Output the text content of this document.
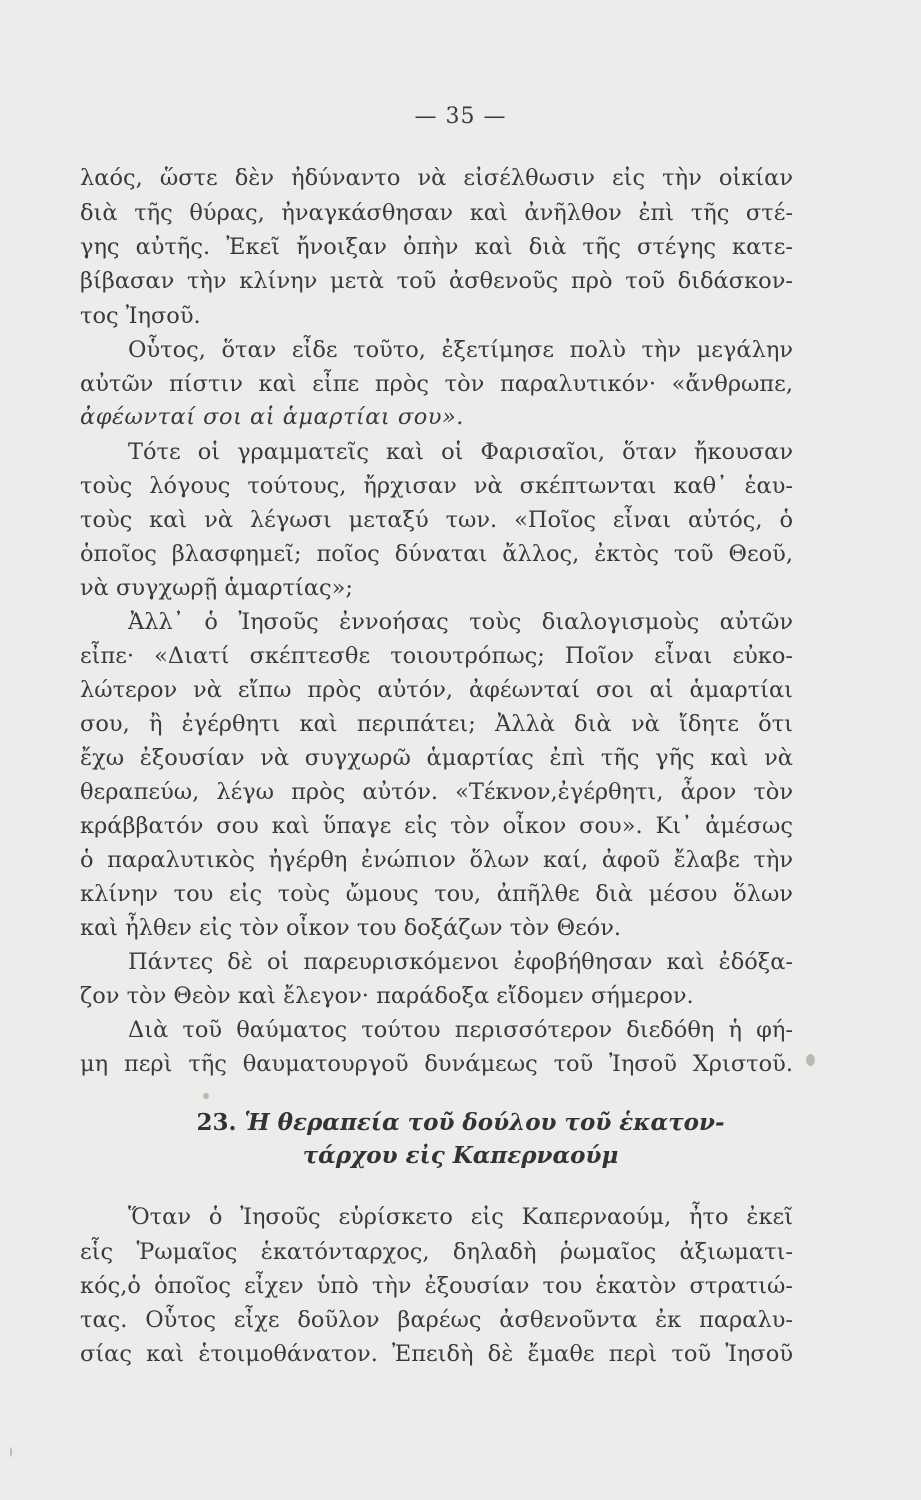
— 35 —
λαός, ὥστε δὲν ἠδύναντο νὰ εἰσέλθωσιν εἰς τὴν οἰκίαν
διὰ τῆς θύρας, ἠναγκάσθησαν καὶ ἀνῆλθον ἐπὶ τῆς στέ-
γης αὐτῆς. Ἐκεῖ ἤνοιξαν ὀπὴν καὶ διὰ τῆς στέγης κατε-
βίβασαν τὴν κλίνην μετὰ τοῦ ἀσθενοῦς πρὸ τοῦ διδάσκον-
τος Ἰησοῦ.
Οὗτος, ὅταν εἶδε τοῦτο, ἐξετίμησε πολὺ τὴν μεγάλην
αὐτῶν πίστιν καὶ εἶπε πρὸς τὸν παραλυτικόν· «ἄνθρωπε,
ἀφέωνταί σοι αἱ ἁμαρτίαι σου».
Τότε οἱ γραμματεῖς καὶ οἱ Φαρισαῖοι, ὅταν ἤκουσαν
τοὺς λόγους τούτους, ἤρχισαν νὰ σκέπτωνται καθ᾽ ἑαυ-
τοὺς καὶ νὰ λέγωσι μεταξύ των. «Ποῖος εἶναι αὐτός, ὁ
ὁποῖος βλασφημεῖ; ποῖος δύναται ἄλλος, ἐκτὸς τοῦ Θεοῦ,
νὰ συγχωρῇ ἁμαρτίας»;
Ἀλλ᾽ ὁ Ἰησοῦς ἐννοήσας τοὺς διαλογισμοὺς αὐτῶν
εἶπε· «Διατί σκέπτεσθε τοιουτρόπως; Ποῖον εἶναι εὐκο-
λώτερον νὰ εἴπω πρὸς αὐτόν, ἀφέωνταί σοι αἱ ἁμαρτίαι
σου, ἢ ἐγέρθητι καὶ περιπάτει; Ἀλλὰ διὰ νὰ ἴδητε ὅτι
ἔχω ἐξουσίαν νὰ συγχωρῶ ἁμαρτίας ἐπὶ τῆς γῆς καὶ νὰ
θεραπεύω, λέγω πρὸς αὐτόν. «Τέκνον,ἐγέρθητι, ἆρον τὸν
κράββατόν σου καὶ ὕπαγε εἰς τὸν οἶκον σου». Κι᾽ ἀμέσως
ὁ παραλυτικὸς ἠγέρθη ἐνώπιον ὅλων καί, ἀφοῦ ἔλαβε τὴν
κλίνην του εἰς τοὺς ὤμους του, ἀπῆλθε διὰ μέσου ὅλων
καὶ ἦλθεν εἰς τὸν οἶκον του δοξάζων τὸν Θεόν.
Πάντες δὲ οἱ παρευρισκόμενοι ἐφοβήθησαν καὶ ἐδόξα-
ζον τὸν Θεὸν καὶ ἔλεγον· παράδοξα εἴδομεν σήμερον.
Διὰ τοῦ θαύματος τούτου περισσότερον διεδόθη ἡ φή-
μη περὶ τῆς θαυματουργοῦ δυνάμεως τοῦ Ἰησοῦ Χριστοῦ.
23. Ἡ θεραπεία τοῦ δούλου τοῦ ἑκατον-
τάρχου εἰς Καπερναούμ
Ὅταν ὁ Ἰησοῦς εὑρίσκετο εἰς Καπερναούμ, ἦτο ἐκεῖ
εἷς Ῥωμαῖος ἑκατόνταρχος, δηλαδὴ ῥωμαῖος ἀξιωματι-
κός,ὁ ὁποῖος εἶχεν ὑπὸ τὴν ἐξουσίαν του ἑκατὸν στρατιώ-
τας. Οὗτος εἶχε δοῦλον βαρέως ἀσθενοῦντα ἐκ παραλυ-
σίας καὶ ἑτοιμοθάνατον. Ἐπειδὴ δὲ ἔμαθε περὶ τοῦ Ἰησοῦ
